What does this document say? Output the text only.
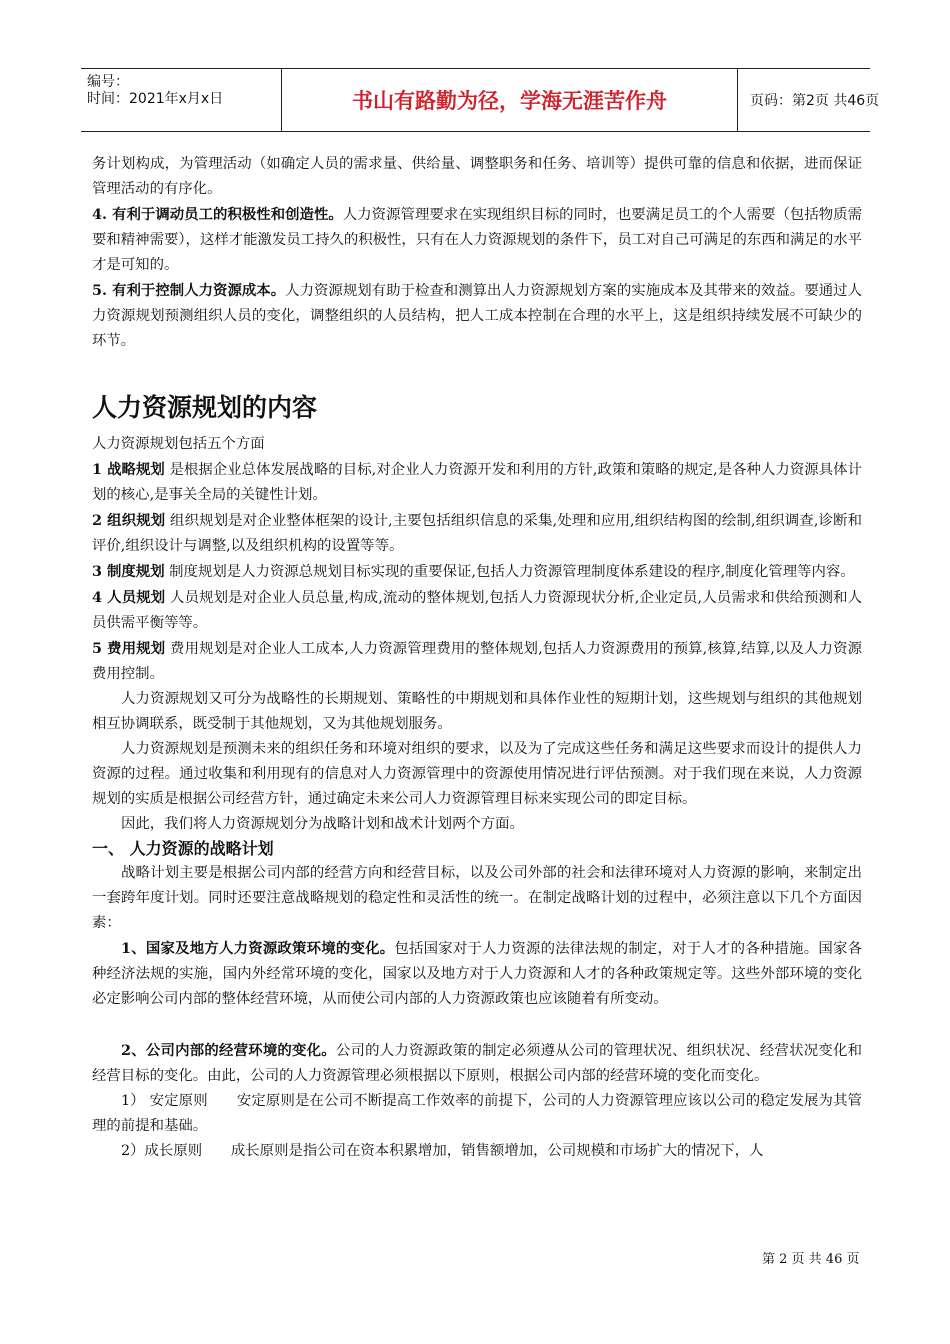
编号：
时间：2021年x月x日	书山有路勤为径，学海无涯苦作舟	页码：第2页 共46页

务计划构成，为管理活动（如确定人员的需求量、供给量、调整职务和任务、培训等）提供可靠的信息和依据，进而保证管理活动的有序化。

4. 有利于调动员工的积极性和创造性。人力资源管理要求在实现组织目标的同时，也要满足员工的个人需要（包括物质需要和精神需要），这样才能激发员工持久的积极性，只有在人力资源规划的条件下，员工对自己可满足的东西和满足的水平才是可知的。

5. 有利于控制人力资源成本。人力资源规划有助于检查和测算出人力资源规划方案的实施成本及其带来的效益。要通过人力资源规划预测组织人员的变化，调整组织的人员结构，把人工成本控制在合理的水平上，这是组织持续发展不可缺少的环节。

人力资源规划的内容

人力资源规划包括五个方面

1 战略规划 是根据企业总体发展战略的目标,对企业人力资源开发和利用的方针,政策和策略的规定,是各种人力资源具体计划的核心,是事关全局的关键性计划。

2 组织规划 组织规划是对企业整体框架的设计,主要包括组织信息的采集,处理和应用,组织结构图的绘制,组织调查,诊断和评价,组织设计与调整,以及组织机构的设置等等。

3 制度规划 制度规划是人力资源总规划目标实现的重要保证,包括人力资源管理制度体系建设的程序,制度化管理等内容。

4 人员规划 人员规划是对企业人员总量,构成,流动的整体规划,包括人力资源现状分析,企业定员,人员需求和供给预测和人员供需平衡等等。

5 费用规划 费用规划是对企业人工成本,人力资源管理费用的整体规划,包括人力资源费用的预算,核算,结算,以及人力资源费用控制。

人力资源规划又可分为战略性的长期规划、策略性的中期规划和具体作业性的短期计划，这些规划与组织的其他规划相互协调联系，既受制于其他规划，又为其他规划服务。

人力资源规划是预测未来的组织任务和环境对组织的要求，以及为了完成这些任务和满足这些要求而设计的提供人力资源的过程。通过收集和利用现有的信息对人力资源管理中的资源使用情况进行评估预测。对于我们现在来说，人力资源规划的实质是根据公司经营方针，通过确定未来公司人力资源管理目标来实现公司的即定目标。

因此，我们将人力资源规划分为战略计划和战术计划两个方面。

一、 人力资源的战略计划

战略计划主要是根据公司内部的经营方向和经营目标，以及公司外部的社会和法律环境对人力资源的影响，来制定出一套跨年度计划。同时还要注意战略规划的稳定性和灵活性的统一。在制定战略计划的过程中，必须注意以下几个方面因素：

1、国家及地方人力资源政策环境的变化。包括国家对于人力资源的法律法规的制定，对于人才的各种措施。国家各种经济法规的实施，国内外经常环境的变化，国家以及地方对于人力资源和人才的各种政策规定等。这些外部环境的变化必定影响公司内部的整体经营环境，从而使公司内部的人力资源政策也应该随着有所变动。

2、公司内部的经营环境的变化。公司的人力资源政策的制定必须遵从公司的管理状况、组织状况、经营状况变化和经营目标的变化。由此，公司的人力资源管理必须根据以下原则，根据公司内部的经营环境的变化而变化。

1） 安定原则　　安定原则是在公司不断提高工作效率的前提下，公司的人力资源管理应该以公司的稳定发展为其管理的前提和基础。

2）成长原则　　成长原则是指公司在资本积累增加，销售额增加，公司规模和市场扩大的情况下，人

第 2 页 共 46 页
